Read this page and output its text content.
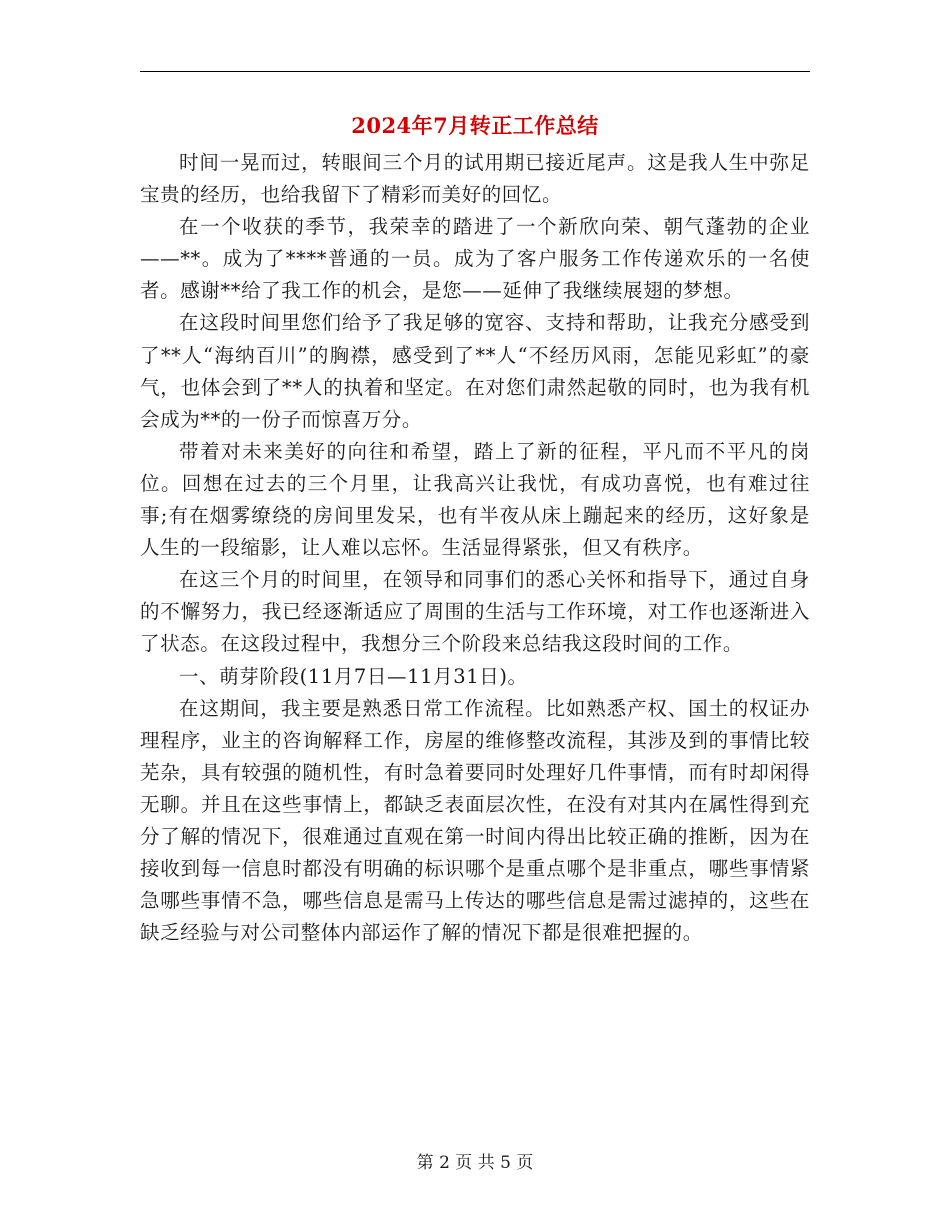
2024年7月转正工作总结

时间一晃而过，转眼间三个月的试用期已接近尾声。这是我人生中弥足宝贵的经历，也给我留下了精彩而美好的回忆。

在一个收获的季节，我荣幸的踏进了一个新欣向荣、朝气蓬勃的企业——**。成为了****普通的一员。成为了客户服务工作传递欢乐的一名使者。感谢**给了我工作的机会，是您——延伸了我继续展翅的梦想。

在这段时间里您们给予了我足够的宽容、支持和帮助，让我充分感受到了**人“海纳百川”的胸襟，感受到了**人“不经历风雨，怎能见彩虹”的豪气，也体会到了**人的执着和坚定。在对您们肃然起敬的同时，也为我有机会成为**的一份子而惊喜万分。

带着对未来美好的向往和希望，踏上了新的征程，平凡而不平凡的岗位。回想在过去的三个月里，让我高兴让我忧，有成功喜悦，也有难过往事;有在烟雾缭绕的房间里发呆，也有半夜从床上蹦起来的经历，这好象是人生的一段缩影，让人难以忘怀。生活显得紧张，但又有秩序。

在这三个月的时间里，在领导和同事们的悉心关怀和指导下，通过自身的不懈努力，我已经逐渐适应了周围的生活与工作环境，对工作也逐渐进入了状态。在这段过程中，我想分三个阶段来总结我这段时间的工作。

一、萌芽阶段(11月7日—11月31日)。

在这期间，我主要是熟悉日常工作流程。比如熟悉产权、国土的权证办理程序，业主的咨询解释工作，房屋的维修整改流程，其涉及到的事情比较芜杂，具有较强的随机性，有时急着要同时处理好几件事情，而有时却闲得无聊。并且在这些事情上，都缺乏表面层次性，在没有对其内在属性得到充分了解的情况下，很难通过直观在第一时间内得出比较正确的推断，因为在接收到每一信息时都没有明确的标识哪个是重点哪个是非重点，哪些事情紧急哪些事情不急，哪些信息是需马上传达的哪些信息是需过滤掉的，这些在缺乏经验与对公司整体内部运作了解的情况下都是很难把握的。

第 2 页 共 5 页
